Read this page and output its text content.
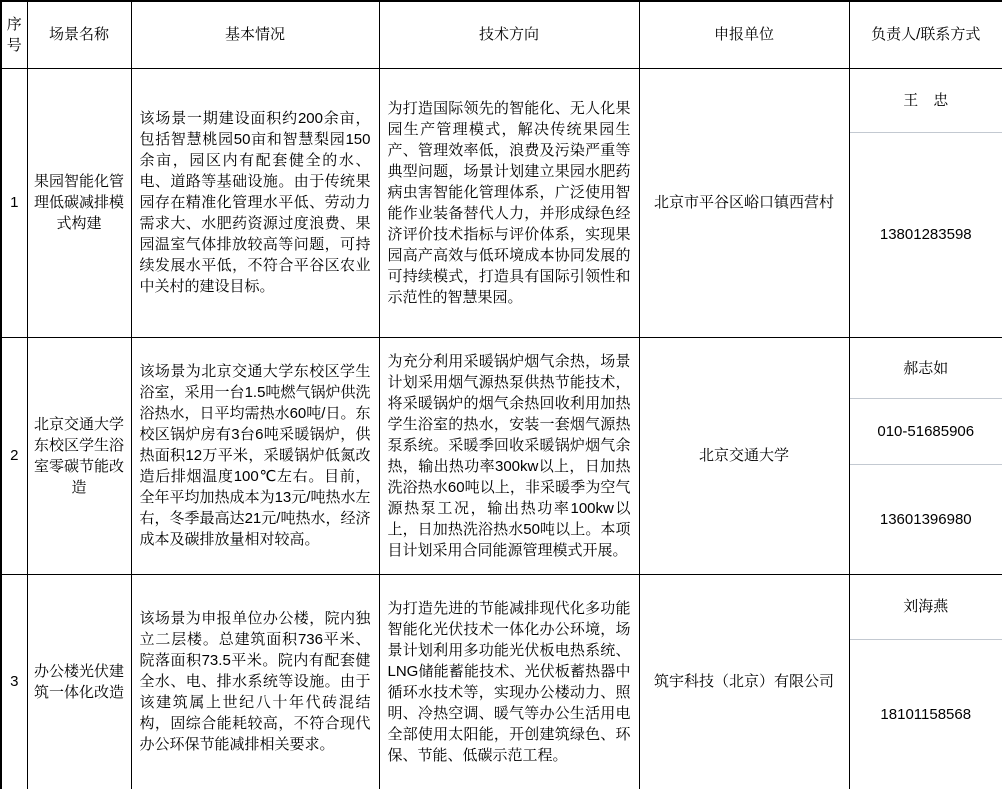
序号	场景名称	基本情况	技术方向	申报单位	负责人/联系方式
1	果园智能化管理低碳减排模式构建	该场景一期建设面积约200余亩，包括智慧桃园50亩和智慧梨园150余亩，园区内有配套健全的水、电、道路等基础设施。由于传统果园存在精准化管理水平低、劳动力需求大、水肥药资源过度浪费、果园温室气体排放较高等问题，可持续发展水平低，不符合平谷区农业中关村的建设目标。	为打造国际领先的智能化、无人化果园生产管理模式，解决传统果园生产、管理效率低，浪费及污染严重等典型问题，场景计划建立果园水肥药病虫害智能化管理体系，广泛使用智能作业装备替代人力，并形成绿色经济评价技术指标与评价体系，实现果园高产高效与低环境成本协同发展的可持续模式，打造具有国际引领性和示范性的智慧果园。	北京市平谷区峪口镇西营村	王　忠
13801283598

2	北京交通大学东校区学生浴室零碳节能改造	该场景为北京交通大学东校区学生浴室，采用一台1.5吨燃气锅炉供洗浴热水，日平均需热水60吨/日。东校区锅炉房有3台6吨采暖锅炉，供热面积12万平米，采暖锅炉低氮改造后排烟温度100℃左右。目前，全年平均加热成本为13元/吨热水左右，冬季最高达21元/吨热水，经济成本及碳排放量相对较高。	为充分利用采暖锅炉烟气余热，场景计划采用烟气源热泵供热节能技术，将采暖锅炉的烟气余热回收利用加热学生浴室的热水，安装一套烟气源热泵系统。采暖季回收采暖锅炉烟气余热，输出热功率300kw以上，日加热洗浴热水60吨以上，非采暖季为空气源热泵工况，输出热功率100kw以上，日加热洗浴热水50吨以上。本项目计划采用合同能源管理模式开展。	北京交通大学	郝志如
010-51685906
13601396980

3	办公楼光伏建筑一体化改造	该场景为申报单位办公楼，院内独立二层楼。总建筑面积736平米、院落面积73.5平米。院内有配套健全水、电、排水系统等设施。由于该建筑属上世纪八十年代砖混结构，固综合能耗较高，不符合现代办公环保节能减排相关要求。	为打造先进的节能减排现代化多功能智能化光伏技术一体化办公环境，场景计划利用多功能光伏板电热系统、LNG储能蓄能技术、光伏板蓄热器中循环水技术等，实现办公楼动力、照明、冷热空调、暖气等办公生活用电全部使用太阳能，开创建筑绿色、环保、节能、低碳示范工程。	筑宇科技（北京）有限公司	刘海燕
18101158568
